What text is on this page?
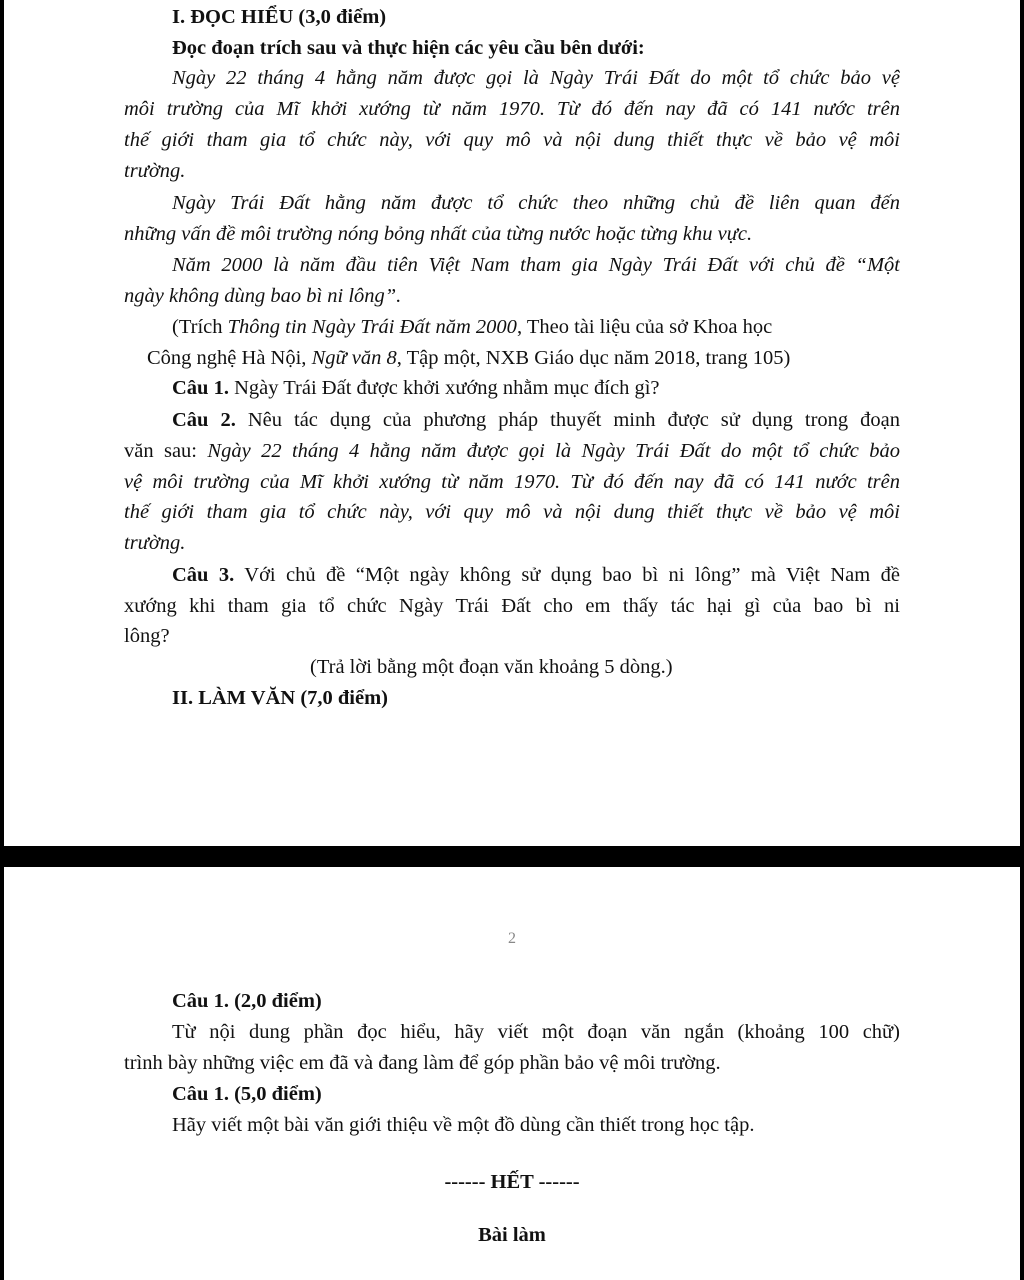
I. ĐỌC HIỂU (3,0 điểm)
Đọc đoạn trích sau và thực hiện các yêu cầu bên dưới:
Ngày 22 tháng 4 hằng năm được gọi là Ngày Trái Đất do một tổ chức bảo vệ
môi trường của Mĩ khởi xướng từ năm 1970. Từ đó đến nay đã có 141 nước trên
thế giới tham gia tổ chức này, với quy mô và nội dung thiết thực về bảo vệ môi
trường.
Ngày Trái Đất hằng năm được tổ chức theo những chủ đề liên quan đến
những vấn đề môi trường nóng bỏng nhất của từng nước hoặc từng khu vực.
Năm 2000 là năm đầu tiên Việt Nam tham gia Ngày Trái Đất với chủ đề “Một
ngày không dùng bao bì ni lông”.
(Trích Thông tin Ngày Trái Đất năm 2000, Theo tài liệu của sở Khoa học
Công nghệ Hà Nội, Ngữ văn 8, Tập một, NXB Giáo dục năm 2018, trang 105)
Câu 1. Ngày Trái Đất được khởi xướng nhằm mục đích gì?
Câu 2. Nêu tác dụng của phương pháp thuyết minh được sử dụng trong đoạn
văn sau: Ngày 22 tháng 4 hằng năm được gọi là Ngày Trái Đất do một tổ chức bảo
vệ môi trường của Mĩ khởi xướng từ năm 1970. Từ đó đến nay đã có 141 nước trên
thế giới tham gia tổ chức này, với quy mô và nội dung thiết thực về bảo vệ môi
trường.
Câu 3. Với chủ đề “Một ngày không sử dụng bao bì ni lông” mà Việt Nam đề
xướng khi tham gia tổ chức Ngày Trái Đất cho em thấy tác hại gì của bao bì ni
lông?
(Trả lời bằng một đoạn văn khoảng 5 dòng.)
II. LÀM VĂN (7,0 điểm)
2
Câu 1. (2,0 điểm)
Từ nội dung phần đọc hiểu, hãy viết một đoạn văn ngắn (khoảng 100 chữ)
trình bày những việc em đã và đang làm để góp phần bảo vệ môi trường.
Câu 1. (5,0 điểm)
Hãy viết một bài văn giới thiệu về một đồ dùng cần thiết trong học tập.
------ HẾT ------
Bài làm
